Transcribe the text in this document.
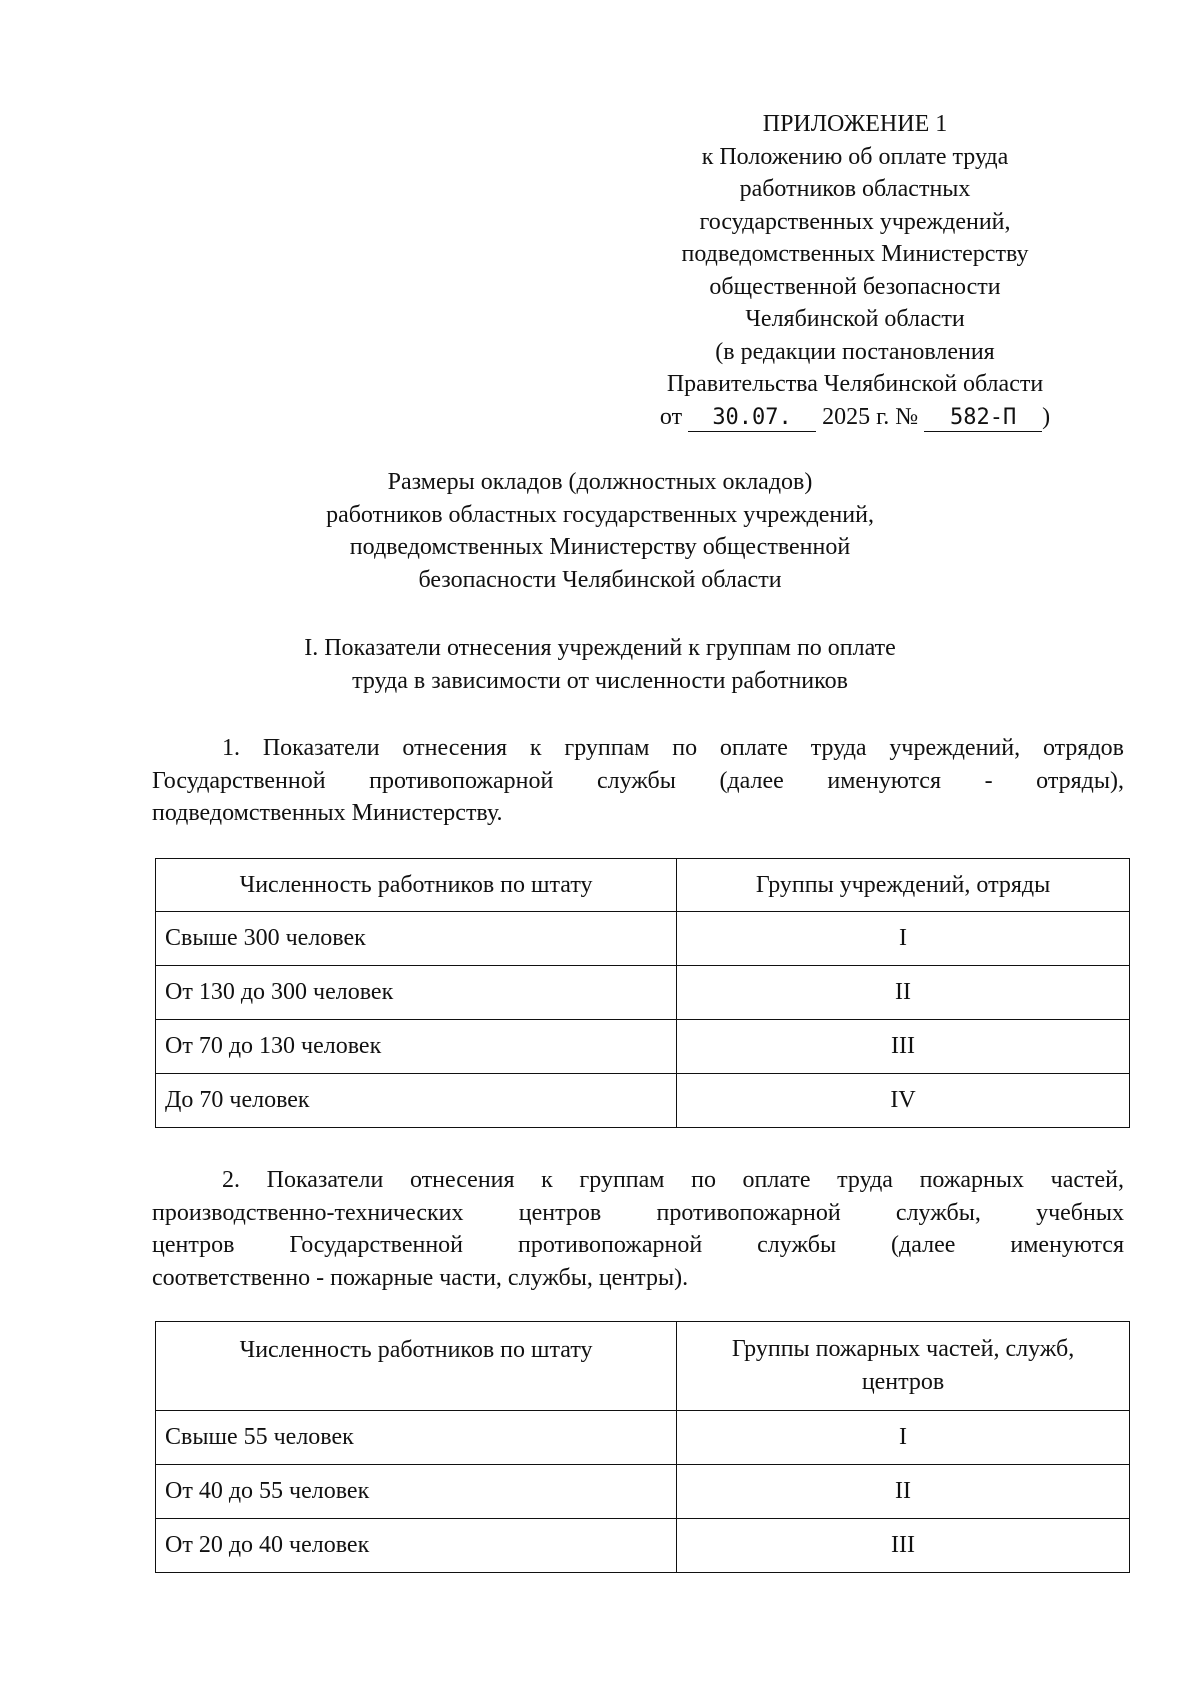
ПРИЛОЖЕНИЕ 1
к Положению об оплате труда
работников областных
государственных учреждений,
подведомственных Министерству
общественной безопасности
Челябинской области
(в редакции постановления
Правительства Челябинской области
от 30.07. 2025 г. № 582-П )
Размеры окладов (должностных окладов)
работников областных государственных учреждений,
подведомственных Министерству общественной
безопасности Челябинской области
I. Показатели отнесения учреждений к группам по оплате
труда в зависимости от численности работников
1. Показатели отнесения к группам по оплате труда учреждений, отрядов
Государственной противопожарной службы (далее именуются - отряды),
подведомственных Министерству.
Численность работников по штату	Группы учреждений, отряды
Свыше 300 человек	I
От 130 до 300 человек	II
От 70 до 130 человек	III
До 70 человек	IV
2. Показатели отнесения к группам по оплате труда пожарных частей,
производственно-технических центров противопожарной службы, учебных
центров Государственной противопожарной службы (далее именуются
соответственно - пожарные части, службы, центры).
Численность работников по штату	Группы пожарных частей, служб,
центров

Свыше 55 человек	I
От 40 до 55 человек	II
От 20 до 40 человек	III
